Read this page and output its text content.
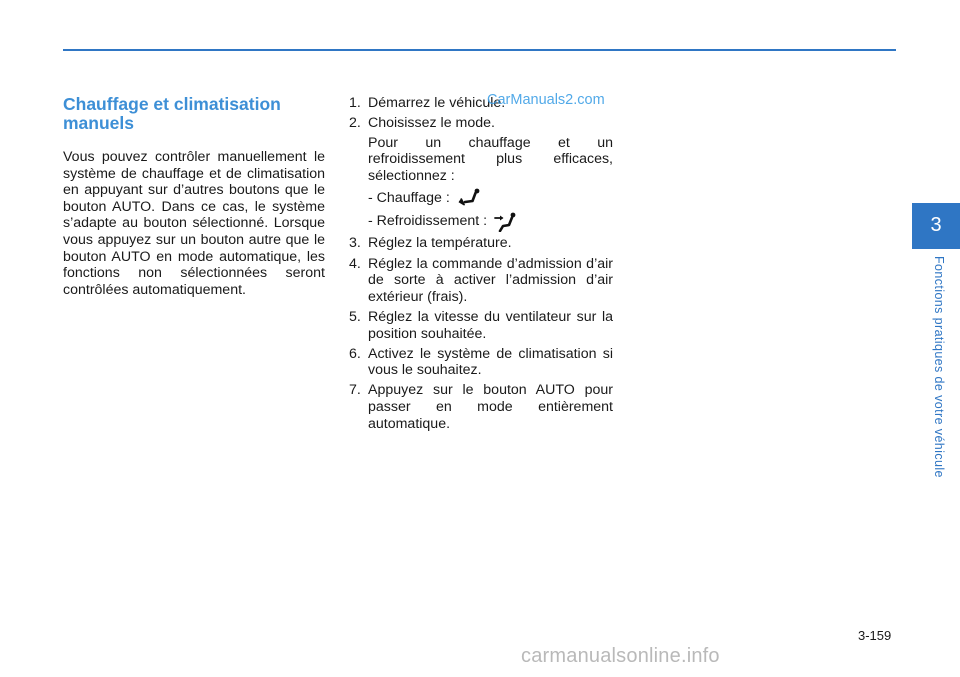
Chauffage et climatisation manuels

Vous pouvez contrôler manuellement le système de chauffage et de climatisation en appuyant sur d’autres boutons que le bouton AUTO. Dans ce cas, le système s’adapte au bouton sélectionné. Lorsque vous appuyez sur un bouton autre que le bouton AUTO en mode automatique, les fonctions non sélectionnées seront contrôlées automatiquement.

1. Démarrez le véhicule.
2. Choisissez le mode.

Pour un chauffage et un refroidissement plus efficaces, sélectionnez :

- Chauffage :
- Refroidissement :
3. Réglez la température.
4. Réglez la commande d’admission d’air de sorte à activer l’admission d’air extérieur (frais).
5. Réglez la vitesse du ventilateur sur la position souhaitée.
6. Activez le système de climatisation si vous le souhaitez.
7. Appuyez sur le bouton AUTO pour passer en mode entièrement automatique.
CarManuals2.com
3
Fonctions pratiques de votre véhicule
3-159
carmanualsonline.info
